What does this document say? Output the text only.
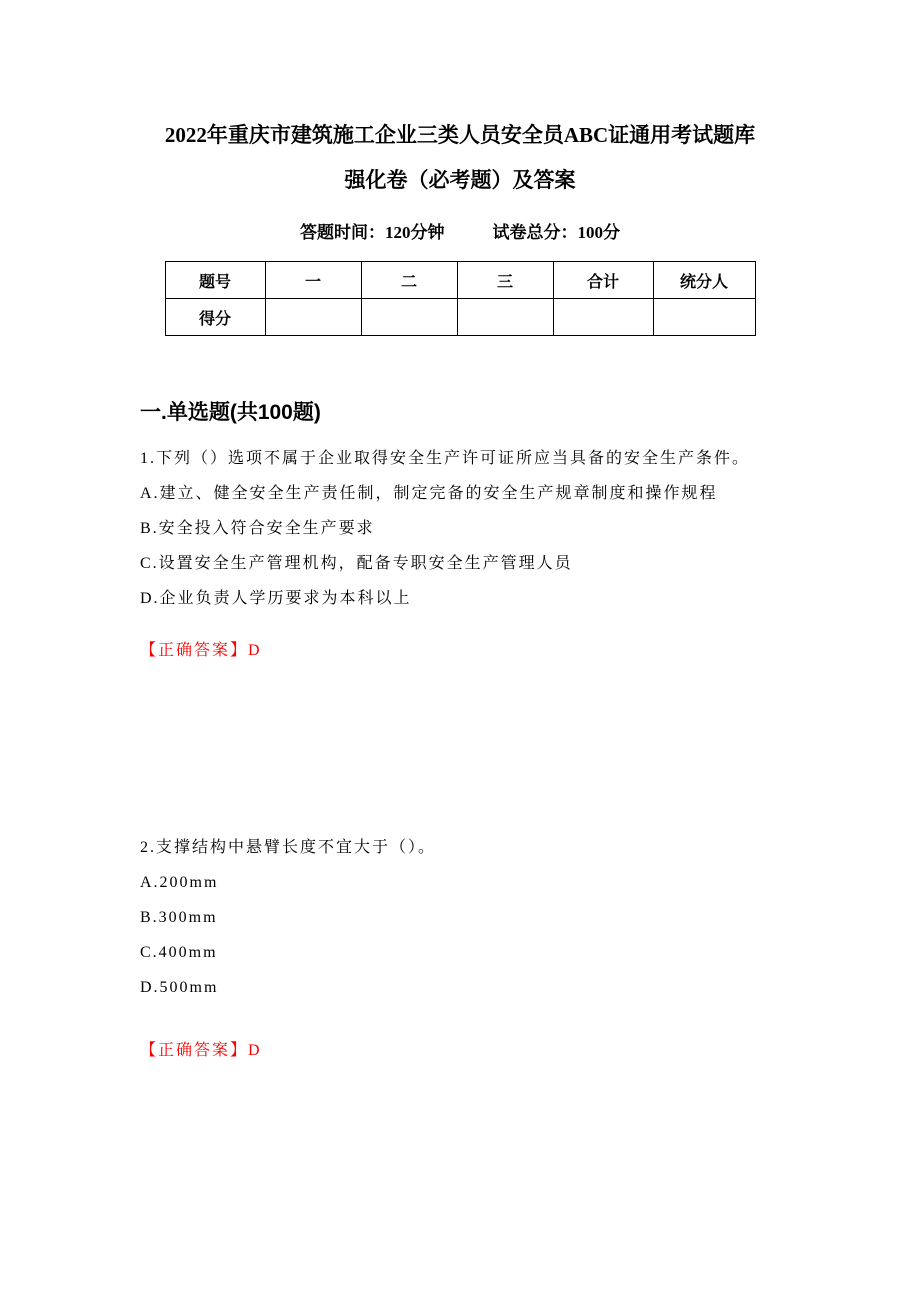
2022年重庆市建筑施工企业三类人员安全员ABC证通用考试题库
强化卷（必考题）及答案
答题时间：120分钟	试卷总分：100分
题号	一	二	三	合计	统分人
得分					
一.单选题(共100题)

1.下列（）选项不属于企业取得安全生产许可证所应当具备的安全生产条件。

A.建立、健全安全生产责任制，制定完备的安全生产规章制度和操作规程

B.安全投入符合安全生产要求

C.设置安全生产管理机构，配备专职安全生产管理人员

D.企业负责人学历要求为本科以上

【正确答案】D

2.支撑结构中悬臂长度不宜大于（）。

A.200mm

B.300mm

C.400mm

D.500mm

【正确答案】D
